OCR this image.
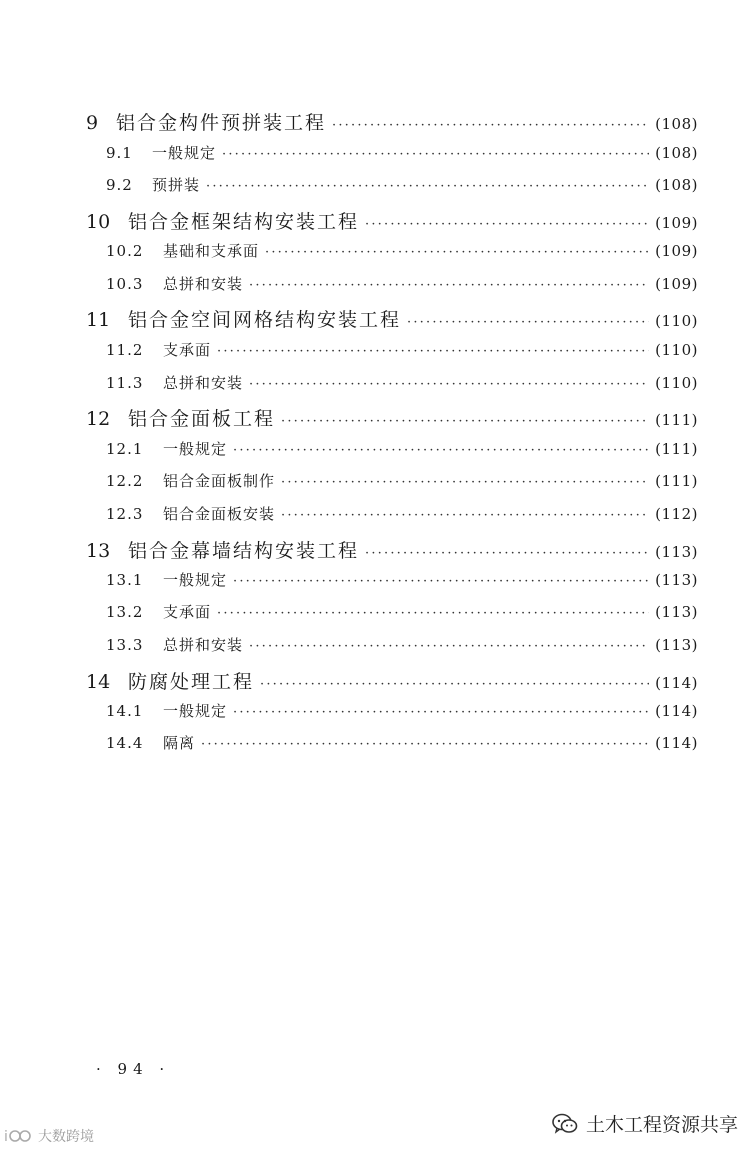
9 铝合金构件预拼装工程 ·····	(108)
9.1	一般规定 ·····	(108)
9.2	预拼装 ·····	(108)
10 铝合金框架结构安装工程 ·····	(109)
10.2	基础和支承面 ·····	(109)
10.3	总拼和安装 ·····	(109)
11 铝合金空间网格结构安装工程 ·····	(110)
11.2	支承面 ·····	(110)
11.3	总拼和安装 ·····	(110)
12 铝合金面板工程 ·····	(111)
12.1	一般规定 ·····	(111)
12.2	铝合金面板制作 ·····	(111)
12.3	铝合金面板安装 ·····	(112)
13 铝合金幕墙结构安装工程 ·····	(113)
13.1	一般规定 ·····	(113)
13.2	支承面 ·····	(113)
13.3	总拼和安装 ·····	(113)
14 防腐处理工程 ·····	(114)
14.1	一般规定 ·····	(114)
14.4	隔离 ·····	(114)
· 94 ·
土木工程资源共享
i 大数跨境
